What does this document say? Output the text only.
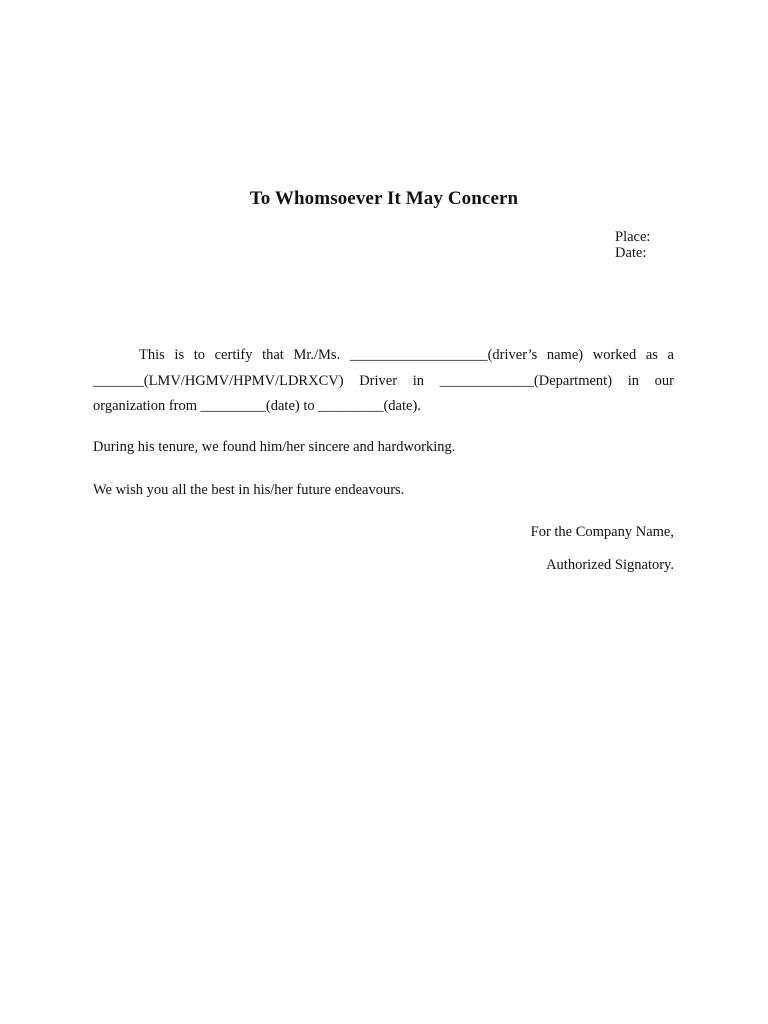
To Whomsoever It May Concern
Place:
Date:
This is to certify that Mr./Ms. ___________________(driver’s name) worked as a _______(LMV/HGMV/HPMV/LDRXCV) Driver in _____________(Department) in our organization from _________(date) to _________(date).
During his tenure, we found him/her sincere and hardworking.
We wish you all the best in his/her future endeavours.
For the Company Name,
Authorized Signatory.
